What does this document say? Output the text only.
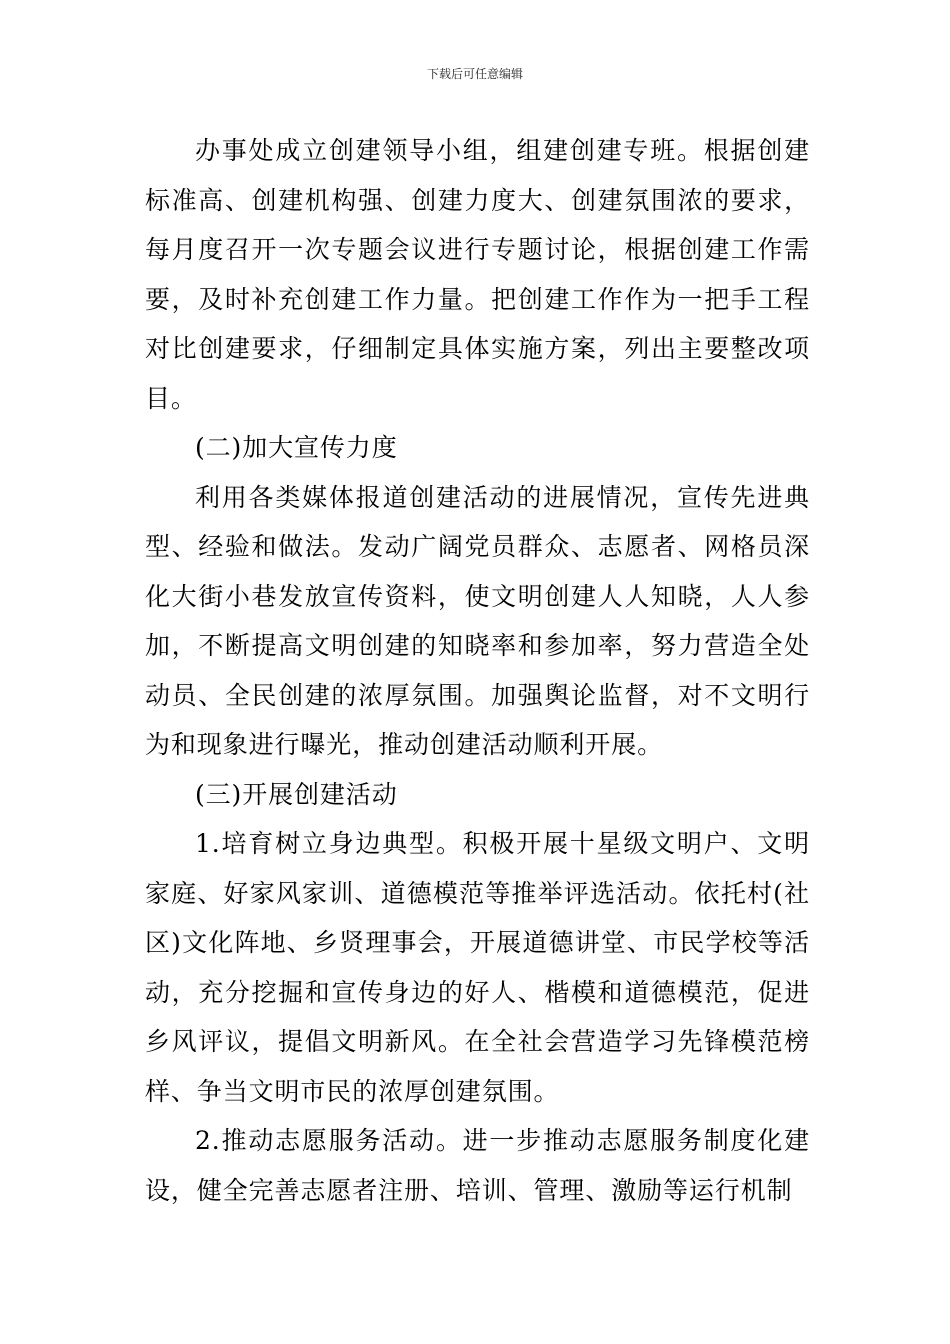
下载后可任意编辑

办事处成立创建领导小组，组建创建专班。根据创建标准高、创建机构强、创建力度大、创建氛围浓的要求，每月度召开一次专题会议进行专题讨论，根据创建工作需要，及时补充创建工作力量。把创建工作作为一把手工程对比创建要求，仔细制定具体实施方案，列出主要整改项目。

(二)加大宣传力度

利用各类媒体报道创建活动的进展情况，宣传先进典型、经验和做法。发动广阔党员群众、志愿者、网格员深化大街小巷发放宣传资料，使文明创建人人知晓，人人参加，不断提高文明创建的知晓率和参加率，努力营造全处动员、全民创建的浓厚氛围。加强舆论监督，对不文明行为和现象进行曝光，推动创建活动顺利开展。

(三)开展创建活动

1.培育树立身边典型。积极开展十星级文明户、文明家庭、好家风家训、道德模范等推举评选活动。依托村(社区)文化阵地、乡贤理事会，开展道德讲堂、市民学校等活动，充分挖掘和宣传身边的好人、楷模和道德模范，促进乡风评议，提倡文明新风。在全社会营造学习先锋模范榜样、争当文明市民的浓厚创建氛围。

2.推动志愿服务活动。进一步推动志愿服务制度化建设，健全完善志愿者注册、培训、管理、激励等运行机制
